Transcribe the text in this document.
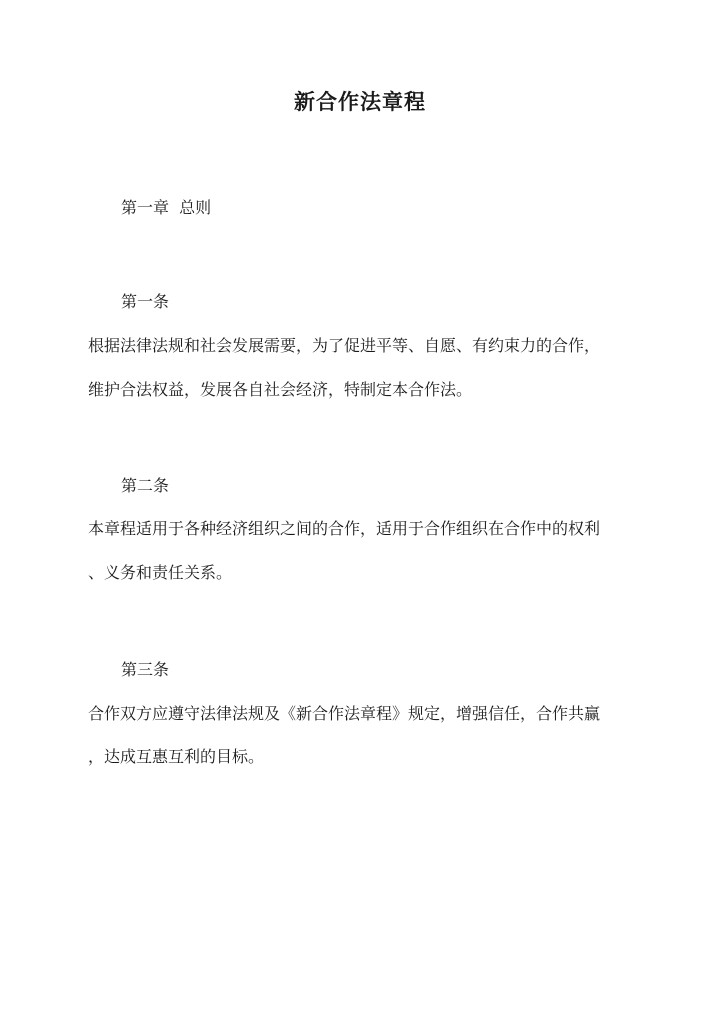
新合作法章程

第一章  总则

第一条

根据法律法规和社会发展需要，为了促进平等、自愿、有约束力的合作，

维护合法权益，发展各自社会经济，特制定本合作法。

第二条

本章程适用于各种经济组织之间的合作，适用于合作组织在合作中的权利

、义务和责任关系。

第三条

合作双方应遵守法律法规及《新合作法章程》规定，增强信任，合作共赢

，达成互惠互利的目标。
